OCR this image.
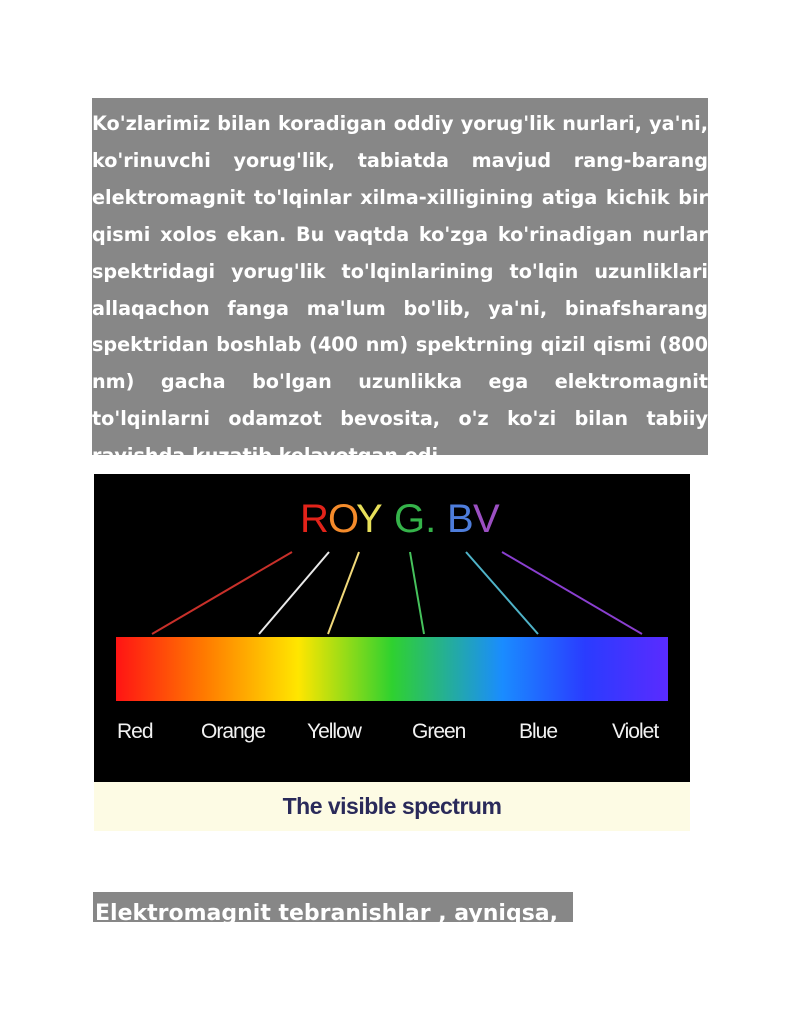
Ko'zlarimiz bilan koradigan oddiy yorug'lik nurlari, ya'ni, ko'rinuvchi yorug'lik, tabiatda mavjud rang-barang elektromagnit to'lqinlar xilma-xilligining atiga kichik bir qismi xolos ekan. Bu vaqtda ko'zga ko'rinadigan nurlar spektridagi yorug'lik to'lqinlarining to'lqin uzunliklari allaqachon fanga ma'lum bo'lib, ya'ni, binafsharang spektridan boshlab (400 nm) spektrning qizil qismi (800 nm) gacha bo'lgan uzunlikka ega elektromagnit to'lqinlarni odamzot bevosita, o'z ko'zi bilan tabiiy ravishda kuzatib kelayotgan edi.

R O
Y G. B V
Red Orange Yellow Green	Blue	Violet
The visible spectrum
Elektromagnit tebranishlar , ayniqsa,
